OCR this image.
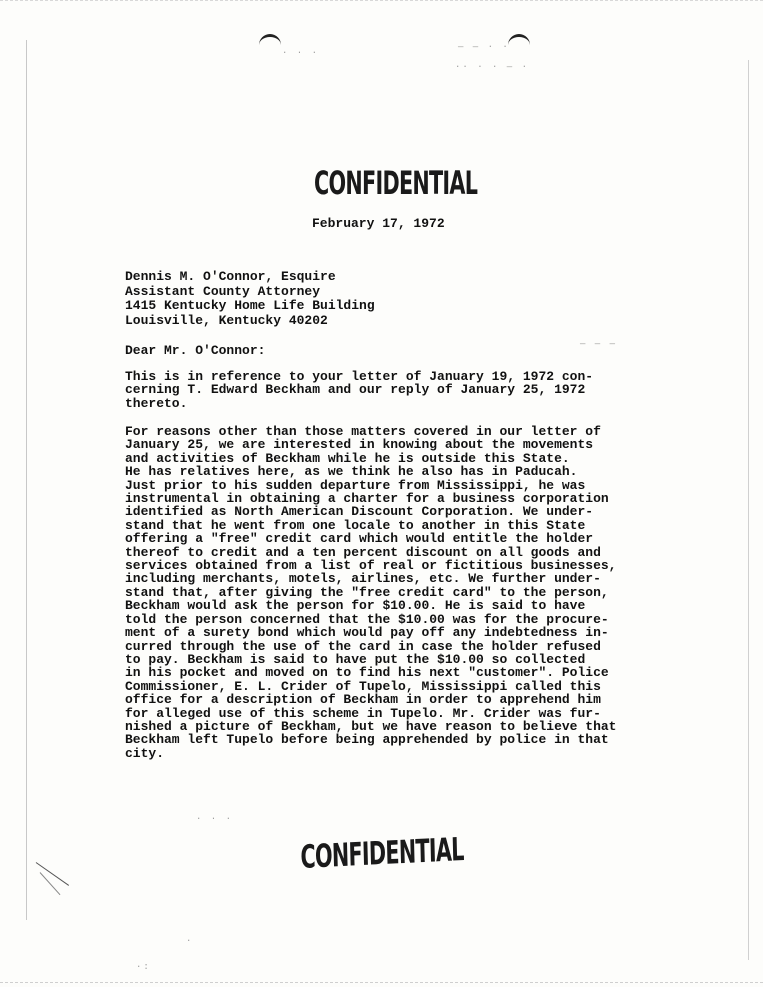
· · ·
— — · ·
·· · · — ·
— — —
CONFIDENTIAL
February 17, 1972
Dennis M. O'Connor, Esquire
Assistant County Attorney
1415 Kentucky Home Life Building
Louisville, Kentucky 40202
Dear Mr. O'Connor:
This is in reference to your letter of January 19, 1972 con-
cerning T. Edward Beckham and our reply of January 25, 1972
thereto.
For reasons other than those matters covered in our letter of
January 25, we are interested in knowing about the movements
and activities of Beckham while he is outside this State.
He has relatives here, as we think he also has in Paducah.
Just prior to his sudden departure from Mississippi, he was
instrumental in obtaining a charter for a business corporation
identified as North American Discount Corporation. We under-
stand that he went from one locale to another in this State
offering a "free" credit card which would entitle the holder
thereof to credit and a ten percent discount on all goods and
services obtained from a list of real or fictitious businesses,
including merchants, motels, airlines, etc. We further under-
stand that, after giving the "free credit card" to the person,
Beckham would ask the person for $10.00. He is said to have
told the person concerned that the $10.00 was for the procure-
ment of a surety bond which would pay off any indebtedness in-
curred through the use of the card in case the holder refused
to pay. Beckham is said to have put the $10.00 so collected
in his pocket and moved on to find his next "customer". Police
Commissioner, E. L. Crider of Tupelo, Mississippi called this
office for a description of Beckham in order to apprehend him
for alleged use of this scheme in Tupelo. Mr. Crider was fur-
nished a picture of Beckham, but we have reason to believe that
Beckham left Tupelo before being apprehended by police in that
city.
· · ·
CONFIDENTIAL
·
·:
